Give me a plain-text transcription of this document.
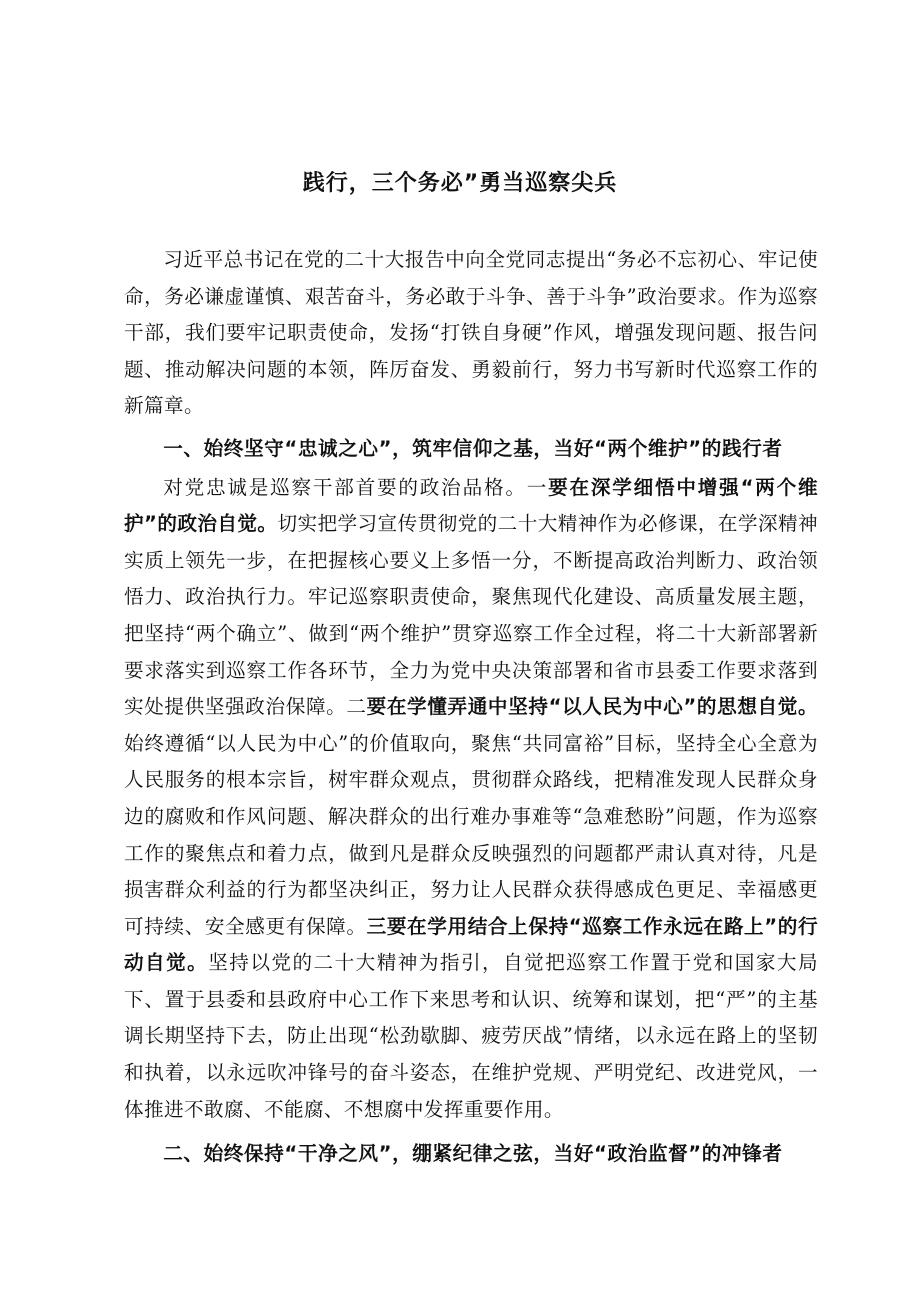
践行，三个务必”勇当巡察尖兵

习近平总书记在党的二十大报告中向全党同志提出“务必不忘初心、牢记使命，务必谦虚谨慎、艰苦奋斗，务必敢于斗争、善于斗争”政治要求。作为巡察干部，我们要牢记职责使命，发扬“打铁自身硬”作风，增强发现问题、报告问题、推动解决问题的本领，阵厉奋发、勇毅前行，努力书写新时代巡察工作的新篇章。

一、始终坚守“忠诚之心”，筑牢信仰之基，当好“两个维护”的践行者

对党忠诚是巡察干部首要的政治品格。一要在深学细悟中增强“两个维护”的政治自觉。切实把学习宣传贯彻党的二十大精神作为必修课，在学深精神实质上领先一步，在把握核心要义上多悟一分，不断提高政治判断力、政治领悟力、政治执行力。牢记巡察职责使命，聚焦现代化建设、高质量发展主题，把坚持“两个确立”、做到“两个维护”贯穿巡察工作全过程，将二十大新部署新要求落实到巡察工作各环节，全力为党中央决策部署和省市县委工作要求落到实处提供坚强政治保障。二要在学懂弄通中坚持“以人民为中心”的思想自觉。始终遵循“以人民为中心”的价值取向，聚焦“共同富裕”目标，坚持全心全意为人民服务的根本宗旨，树牢群众观点，贯彻群众路线，把精准发现人民群众身边的腐败和作风问题、解决群众的出行难办事难等“急难愁盼”问题，作为巡察工作的聚焦点和着力点，做到凡是群众反映强烈的问题都严肃认真对待，凡是损害群众利益的行为都坚决纠正，努力让人民群众获得感成色更足、幸福感更可持续、安全感更有保障。三要在学用结合上保持“巡察工作永远在路上”的行动自觉。坚持以党的二十大精神为指引，自觉把巡察工作置于党和国家大局下、置于县委和县政府中心工作下来思考和认识、统筹和谋划，把“严”的主基调长期坚持下去，防止出现“松劲歇脚、疲劳厌战”情绪，以永远在路上的坚韧和执着，以永远吹冲锋号的奋斗姿态，在维护党规、严明党纪、改进党风，一体推进不敢腐、不能腐、不想腐中发挥重要作用。

二、始终保持“干净之风”，绷紧纪律之弦，当好“政治监督”的冲锋者
